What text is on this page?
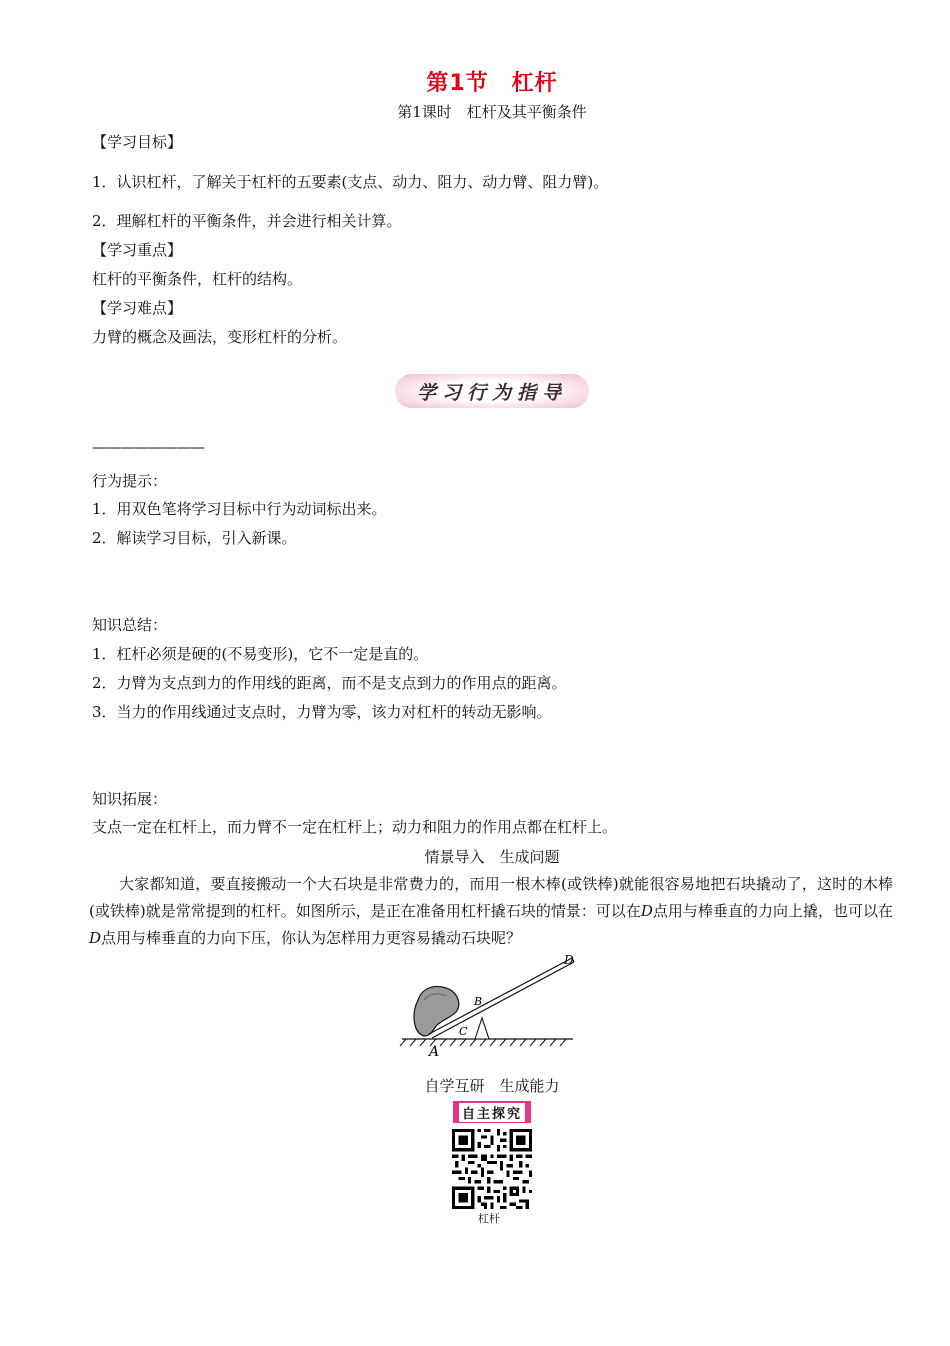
第1节　杠杆
第1课时　杠杆及其平衡条件
【学习目标】
1．认识杠杆，了解关于杠杆的五要素(支点、动力、阻力、动力臂、阻力臂)。
2．理解杠杆的平衡条件，并会进行相关计算。
【学习重点】
杠杆的平衡条件，杠杆的结构。
【学习难点】
力臂的概念及画法，变形杠杆的分析。
学习行为指导
————————
行为提示：
1．用双色笔将学习目标中行为动词标出来。
2．解读学习目标，引入新课。
知识总结：
1．杠杆必须是硬的(不易变形)，它不一定是直的。
2．力臂为支点到力的作用线的距离，而不是支点到力的作用点的距离。
3．当力的作用线通过支点时，力臂为零，该力对杠杆的转动无影响。
知识拓展：
支点一定在杠杆上，而力臂不一定在杠杆上；动力和阻力的作用点都在杠杆上。
情景导入　生成问题
大家都知道，要直接搬动一个大石块是非常费力的，而用一根木棒(或铁棒)就能很容易地把石块撬动了，这时的木棒(或铁棒)就是常常提到的杠杆。如图所示，是正在准备用杠杆撬石块的情景：可以在D点用与棒垂直的力向上撬，也可以在D点用与棒垂直的力向下压，你认为怎样用力更容易撬动石块呢？
A
B
C
D
自学互研　生成能力
自主探究
杠杆
